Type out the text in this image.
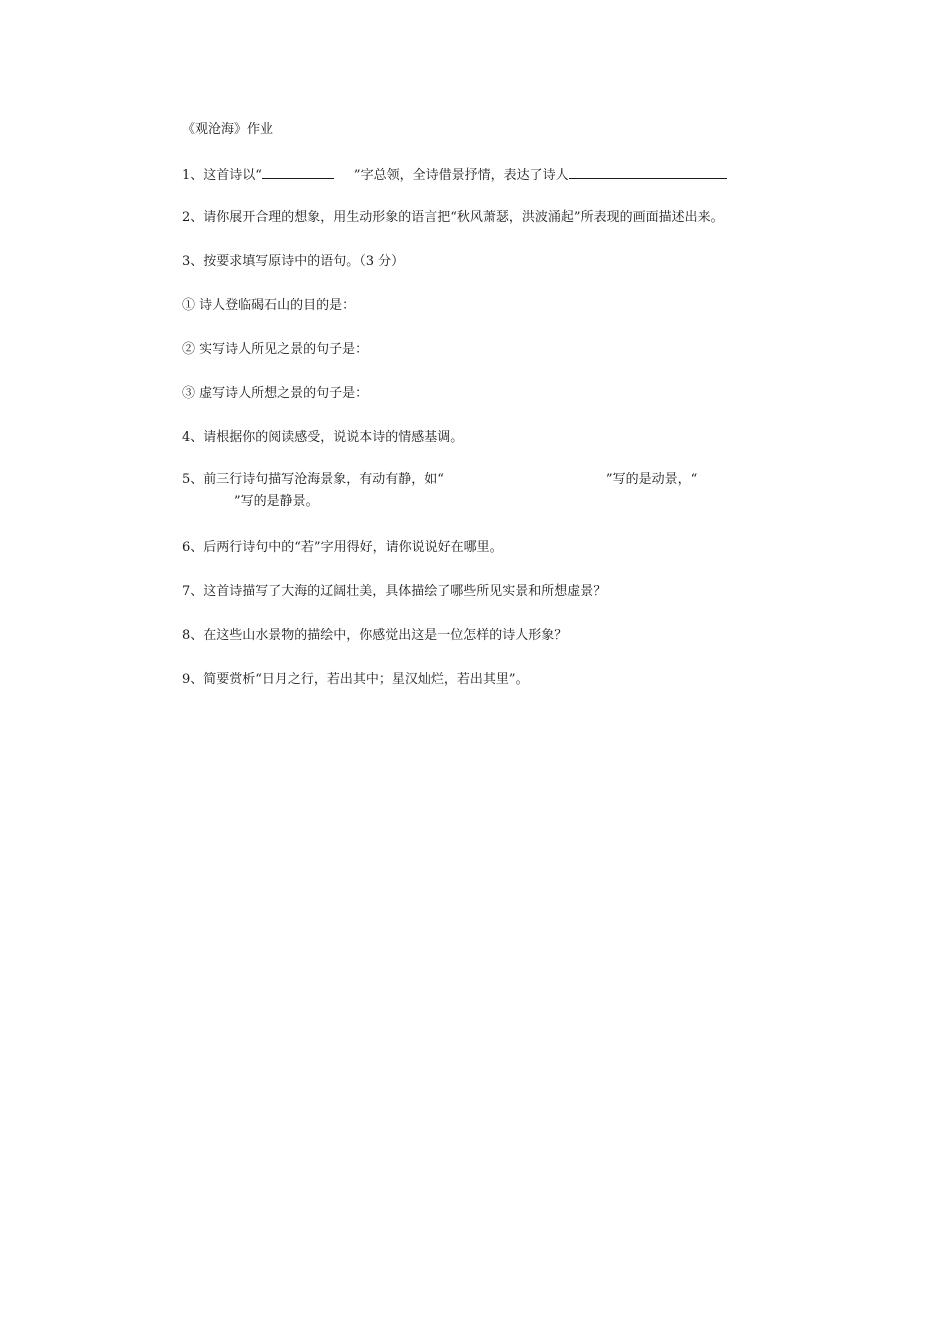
《观沧海》作业
1、这首诗以“	”字总领，全诗借景抒情，表达了诗人
2、请你展开合理的想象，用生动形象的语言把“秋风萧瑟，洪波涌起”所表现的画面描述出来。
3、按要求填写原诗中的语句。（3 分）
① 诗人登临碣石山的目的是：
② 实写诗人所见之景的句子是：
③ 虚写诗人所想之景的句子是：
4、请根据你的阅读感受，说说本诗的情感基调。
5、前三行诗句描写沧海景象，有动有静，如“	”写的是动景，“
”写的是静景。
6、后两行诗句中的“若”字用得好，请你说说好在哪里。
7、这首诗描写了大海的辽阔壮美，具体描绘了哪些所见实景和所想虚景？
8、在这些山水景物的描绘中，你感觉出这是一位怎样的诗人形象？
9、简要赏析“日月之行，若出其中；星汉灿烂，若出其里”。
